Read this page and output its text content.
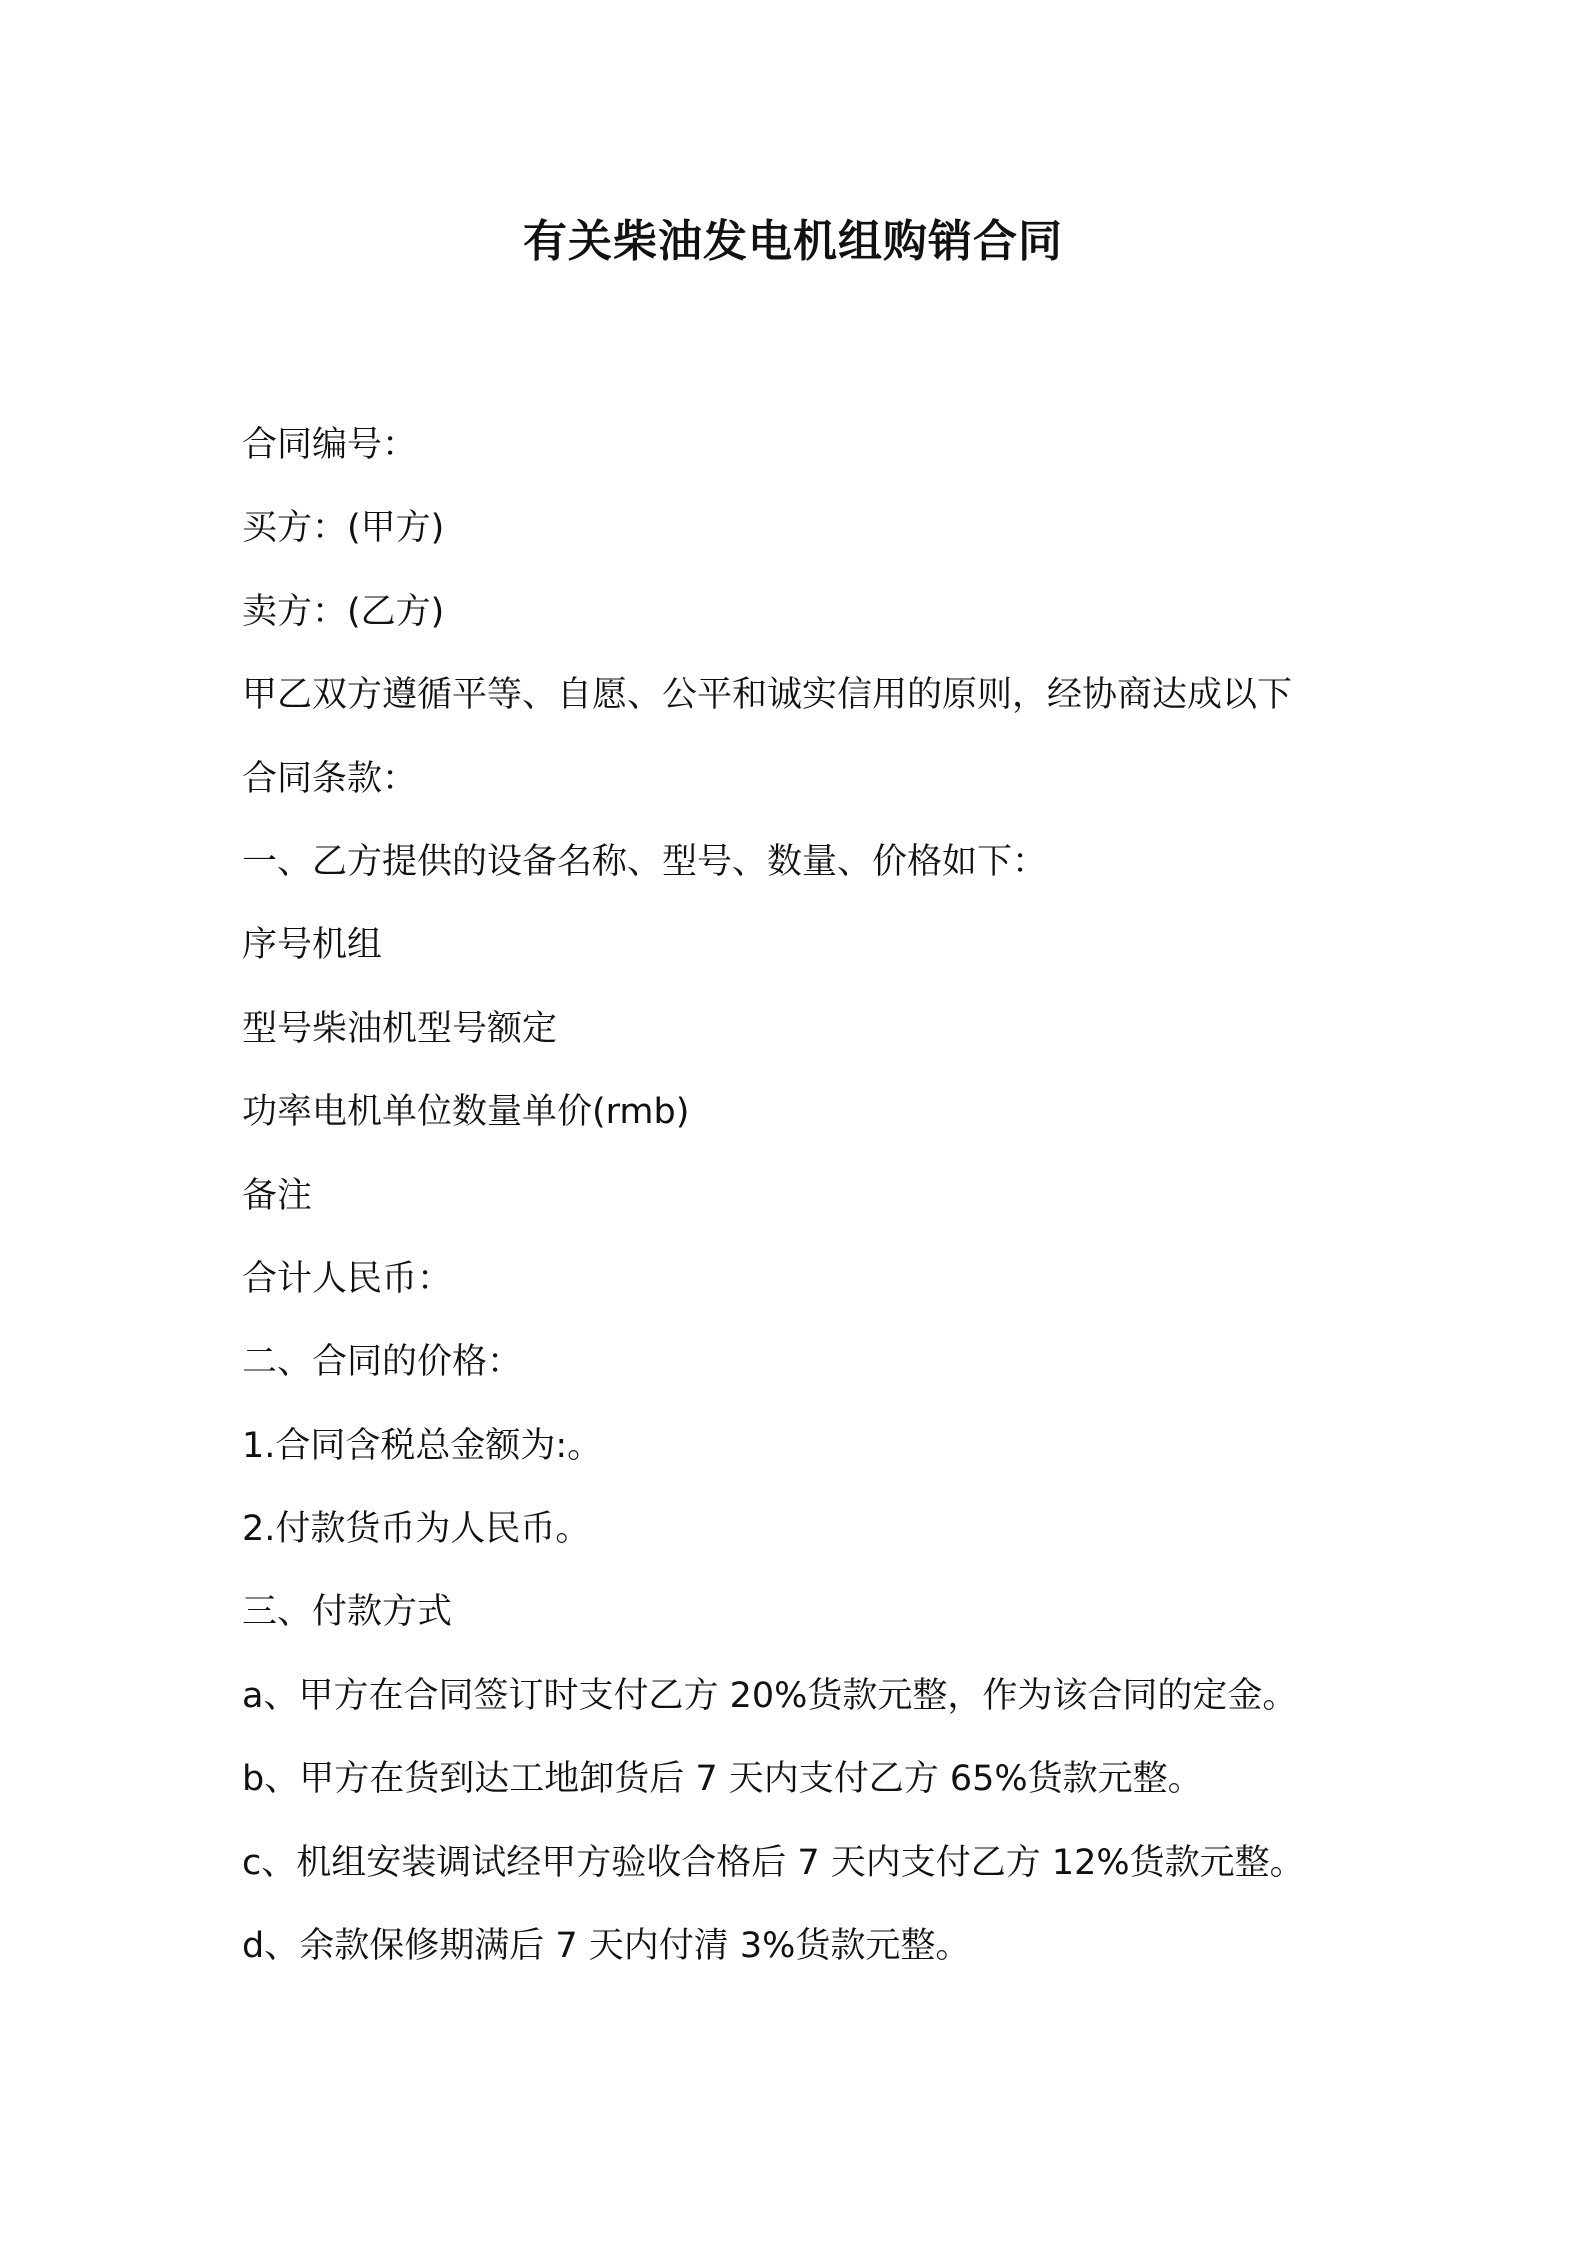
有关柴油发电机组购销合同
合同编号：
买方：(甲方)
卖方：(乙方)
甲乙双方遵循平等、自愿、公平和诚实信用的原则，经协商达成以下
合同条款：
一、乙方提供的设备名称、型号、数量、价格如下：
序号机组
型号柴油机型号额定
功率电机单位数量单价(rmb)
备注
合计人民币：
二、合同的价格：
1.合同含税总金额为:。
2.付款货币为人民币。
三、付款方式
a、甲方在合同签订时支付乙方 20%货款元整，作为该合同的定金。
b、甲方在货到达工地卸货后 7 天内支付乙方 65%货款元整。
c、机组安装调试经甲方验收合格后 7 天内支付乙方 12%货款元整。
d、余款保修期满后 7 天内付清 3%货款元整。
